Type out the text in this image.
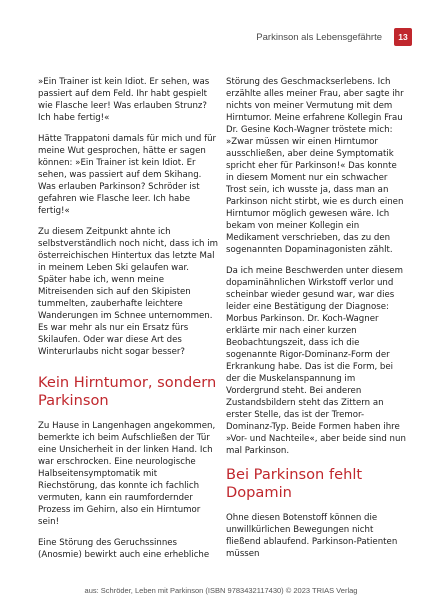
Parkinson als Lebensgefährte	13

»Ein Trainer ist kein Idiot. Er sehen, was passiert auf dem Feld. Ihr habt gespielt wie Flasche leer! Was erlauben Strunz? Ich habe fertig!«

Hätte Trappatoni damals für mich und für meine Wut gesprochen, hätte er sagen können: »Ein Trainer ist kein Idiot. Er sehen, was passiert auf dem Skihang. Was erlauben Parkinson? Schröder ist gefahren wie Flasche leer. Ich habe fertig!«

Zu diesem Zeitpunkt ahnte ich selbstverständlich noch nicht, dass ich im österreichischen Hintertux das letzte Mal in meinem Leben Ski gelaufen war. Später habe ich, wenn meine Mitreisenden sich auf den Skipisten tummelten, zauberhafte leichtere Wanderungen im Schnee unternommen. Es war mehr als nur ein Ersatz fürs Skilaufen. Oder war diese Art des Winterurlaubs nicht sogar besser?

Kein Hirntumor, sondern Parkinson

Zu Hause in Langenhagen angekommen, bemerkte ich beim Aufschließen der Tür eine Unsicherheit in der linken Hand. Ich war erschrocken. Eine neurologische Halbseitensymptomatik mit Riechstörung, das konnte ich fachlich vermuten, kann ein raumfordernder Prozess im Gehirn, also ein Hirntumor sein!

Eine Störung des Geruchssinnes (Anosmie) bewirkt auch eine erhebliche

Störung des Geschmackserlebens. Ich erzählte alles meiner Frau, aber sagte ihr nichts von meiner Vermutung mit dem Hirntumor. Meine erfahrene Kollegin Frau Dr. Gesine Koch-Wagner tröstete mich: »Zwar müssen wir einen Hirntumor ausschließen, aber deine Symptomatik spricht eher für Parkinson!« Das konnte in diesem Moment nur ein schwacher Trost sein, ich wusste ja, dass man an Parkinson nicht stirbt, wie es durch einen Hirntumor möglich gewesen wäre. Ich bekam von meiner Kollegin ein Medikament verschrieben, das zu den sogenannten Dopaminagonisten zählt.

Da ich meine Beschwerden unter diesem dopaminähnlichen Wirkstoff verlor und scheinbar wieder gesund war, war dies leider eine Bestätigung der Diagnose: Morbus Parkinson. Dr. Koch-Wagner erklärte mir nach einer kurzen Beobachtungszeit, dass ich die sogenannte Rigor-Dominanz-Form der Erkrankung habe. Das ist die Form, bei der die Muskelanspannung im Vordergrund steht. Bei anderen Zustandsbildern steht das Zittern an erster Stelle, das ist der Tremor-Dominanz-Typ. Beide Formen haben ihre »Vor- und Nachteile«, aber beide sind nun mal Parkinson.

Bei Parkinson fehlt Dopamin

Ohne diesen Botenstoff können die unwillkürlichen Bewegungen nicht fließend ablaufend. Parkinson-Patienten müssen

aus: Schröder, Leben mit Parkinson (ISBN 9783432117430) © 2023 TRIAS Verlag
